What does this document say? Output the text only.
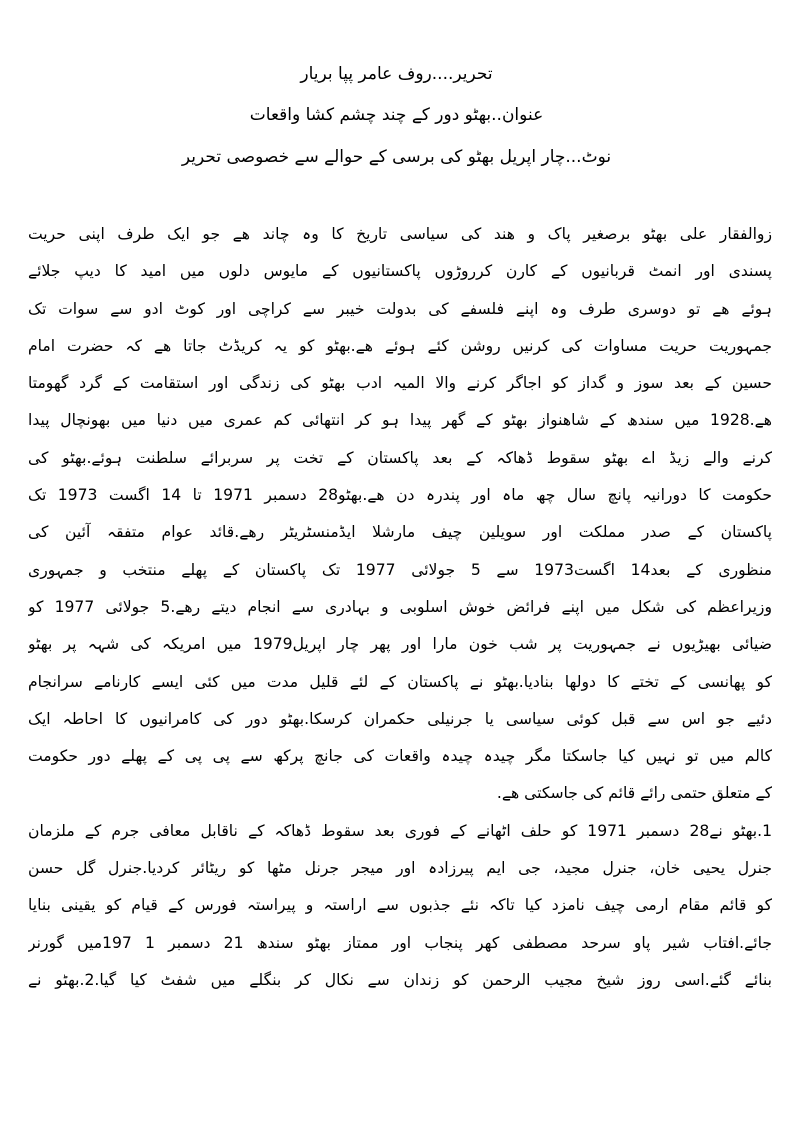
تحریر....روف عامر پپا بریار
عنوان..بھٹو دور کے چند چشم کشا واقعات
نوٹ...چار اپریل بھٹو کی برسی کے حوالے سے خصوصی تحریر
زوالفقار علی بھٹو برصغیر پاک و ھند کی سیاسی تاریخ کا وہ چاند ھے جو ایک طرف اپنی حریت
پسندی اور انمٹ قربانیوں کے کارن کرروڑوں پاکستانیوں کے مایوس دلوں میں امید کا دیپ جلائے
ہوئے ھے تو دوسری طرف وہ اپنے فلسفے کی بدولت خیبر سے کراچی اور کوٹ ادو سے سوات تک
جمہوریت حریت مساوات کی کرنیں روشن کئے ہوئے ھے.بھٹو کو یہ کریڈٹ جاتا ھے کہ حضرت امام
حسین کے بعد سوز و گداز کو اجاگر کرنے والا المیہ ادب بھٹو کی زندگی اور استقامت کے گرد گھومتا
ھے.1928 میں سندھ کے شاھنواز بھٹو کے گھر پیدا ہو کر انتھائی کم عمری میں دنیا میں بھونچال پیدا
کرنے والے زیڈ اے بھٹو سقوط ڈھاکہ کے بعد پاکستان کے تخت پر سربرائے سلطنت ہوئے.بھٹو کی
حکومت کا دورانیہ پانچ سال چھ ماہ اور پندرہ دن ھے.بھٹو28 دسمبر 1971 تا 14 اگست 1973 تک
پاکستان کے صدر مملکت اور سویلین چیف مارشلا ایڈمنسٹریٹر رھے.قائد عوام متفقہ آئین کی
منظوری کے بعد14 اگست1973 سے 5 جولائی 1977 تک پاکستان کے پھلے منتخب و جمہوری
وزیراعظم کی شکل میں اپنے فرائض خوش اسلوبی و بہادری سے انجام دیتے رھے.5 جولائی 1977 کو
ضیائی بھیڑیوں نے جمہوریت پر شب خون مارا اور پھر چار اپریل1979 میں امریکہ کی شہہ پر بھٹو
کو پھانسی کے تختے کا دولھا بنادیا.بھٹو نے پاکستان کے لئے قلیل مدت میں کئی ایسے کارنامے سرانجام
دئیے جو اس سے قبل کوئی سیاسی یا جرنیلی حکمران کرسکا.بھٹو دور کی کامرانیوں کا احاطہ ایک
کالم میں تو نہیں کیا جاسکتا مگر چیدہ چیدہ واقعات کی جانچ پرکھ سے پی پی کے پھلے دور حکومت
کے متعلق حتمی رائے قائم کی جاسکتی ھے.
1.بھٹو نے28 دسمبر 1971 کو حلف اٹھانے کے فوری بعد سقوط ڈھاکہ کے ناقابل معافی جرم کے ملزمان
جنرل یحیی خان، جنرل مجید، جی ایم پیرزادہ اور میجر جرنل مٹھا کو ریٹائر کردیا.جنرل گل حسن
کو قائم مقام ارمی چیف نامزد کیا تاکہ نئے جذبوں سے اراستہ و پیراستہ فورس کے قیام کو یقینی بنایا
جائے.افتاب شیر پاو سرحد مصطفی کھر پنجاب اور ممتاز بھٹو سندھ 21 دسمبر 1 197میں گورنر
بنائے گئے.اسی روز شیخ مجیب الرحمن کو زندان سے نکال کر بنگلے میں شفٹ کیا گیا.2.بھٹو نے
